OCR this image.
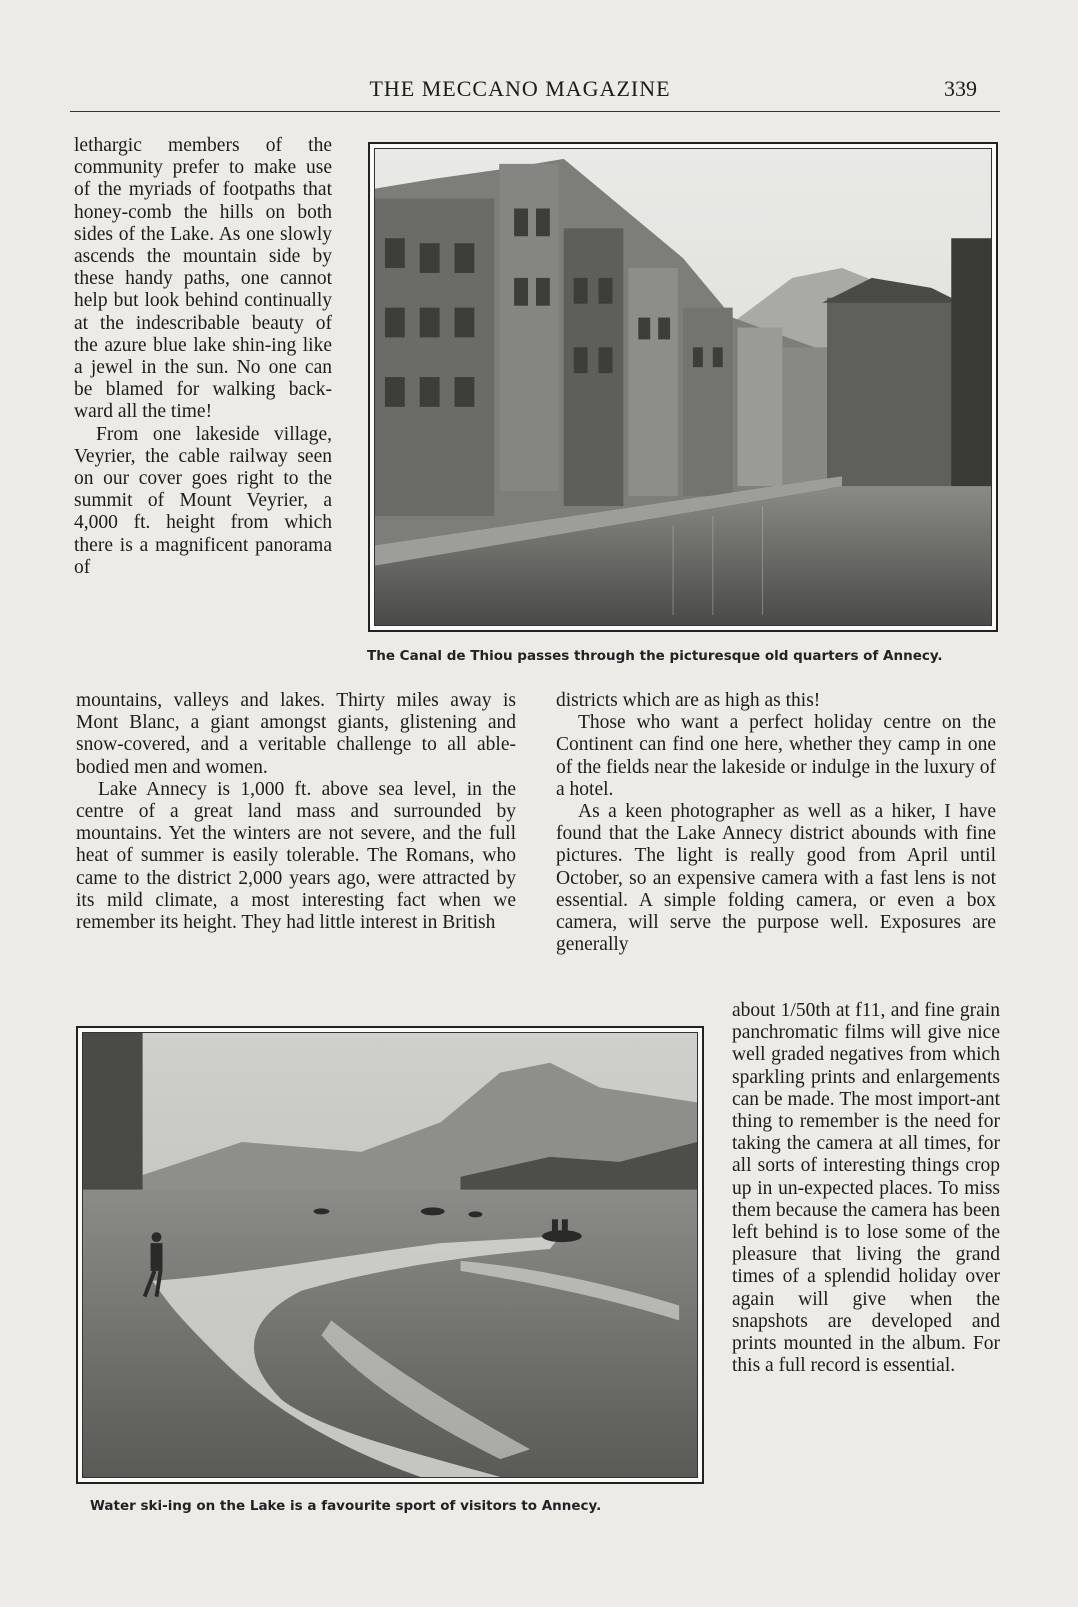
THE MECCANO MAGAZINE	339

lethargic members of the community prefer to make use of the myriads of footpaths that honey-comb the hills on both sides of the Lake. As one slowly ascends the mountain side by these handy paths, one cannot help but look behind continually at the indescribable beauty of the azure blue lake shin-ing like a jewel in the sun. No one can be blamed for walking back-ward all the time!

From one lakeside village, Veyrier, the cable railway seen on our cover goes right to the summit of Mount Veyrier, a 4,000 ft. height from which there is a magnificent panorama of

The Canal de Thiou passes through the picturesque old quarters of Annecy.

mountains, valleys and lakes. Thirty miles away is Mont Blanc, a giant amongst giants, glistening and snow-covered, and a veritable challenge to all able-bodied men and women.

Lake Annecy is 1,000 ft. above sea level, in the centre of a great land mass and surrounded by mountains. Yet the winters are not severe, and the full heat of summer is easily tolerable. The Romans, who came to the district 2,000 years ago, were attracted by its mild climate, a most interesting fact when we remember its height. They had little interest in British

districts which are as high as this!

Those who want a perfect holiday centre on the Continent can find one here, whether they camp in one of the fields near the lakeside or indulge in the luxury of a hotel.

As a keen photographer as well as a hiker, I have found that the Lake Annecy district abounds with fine pictures. The light is really good from April until October, so an expensive camera with a fast lens is not essential. A simple folding camera, or even a box camera, will serve the purpose well. Exposures are generally

Water ski-ing on the Lake is a favourite sport of visitors to Annecy.

about 1/50th at f11, and fine grain panchromatic films will give nice well graded negatives from which sparkling prints and enlargements can be made. The most import-ant thing to remember is the need for taking the camera at all times, for all sorts of interesting things crop up in un-expected places. To miss them because the camera has been left behind is to lose some of the pleasure that living the grand times of a splendid holiday over again will give when the snapshots are developed and prints mounted in the album. For this a full record is essential.
